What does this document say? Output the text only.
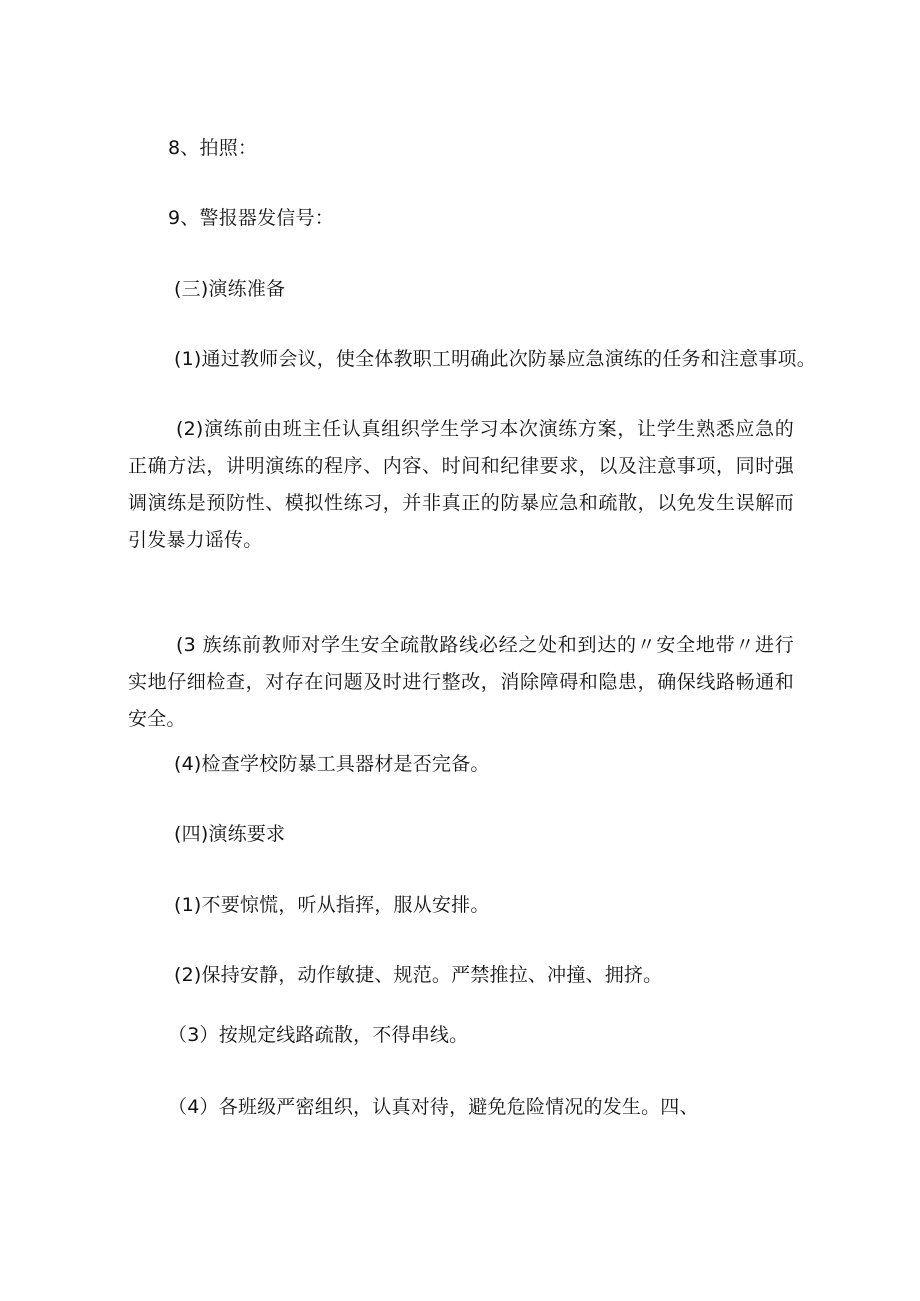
8、拍照：
9、警报器发信号：
(三)演练准备
(1)通过教师会议，使全体教职工明确此次防暴应急演练的任务和注意事项。
(2)演练前由班主任认真组织学生学习本次演练方案，让学生熟悉应急的正确方法，讲明演练的程序、内容、时间和纪律要求，以及注意事项，同时强调演练是预防性、模拟性练习，并非真正的防暴应急和疏散，以免发生误解而引发暴力谣传。
(3 族练前教师对学生安全疏散路线必经之处和到达的〃安全地带〃进行实地仔细检查，对存在问题及时进行整改，消除障碍和隐患，确保线路畅通和安全。
(4)检查学校防暴工具器材是否完备。
(四)演练要求
(1)不要惊慌，听从指挥，服从安排。
(2)保持安静，动作敏捷、规范。严禁推拉、冲撞、拥挤。
（3）按规定线路疏散，不得串线。
（4）各班级严密组织，认真对待，避免危险情况的发生。四、
